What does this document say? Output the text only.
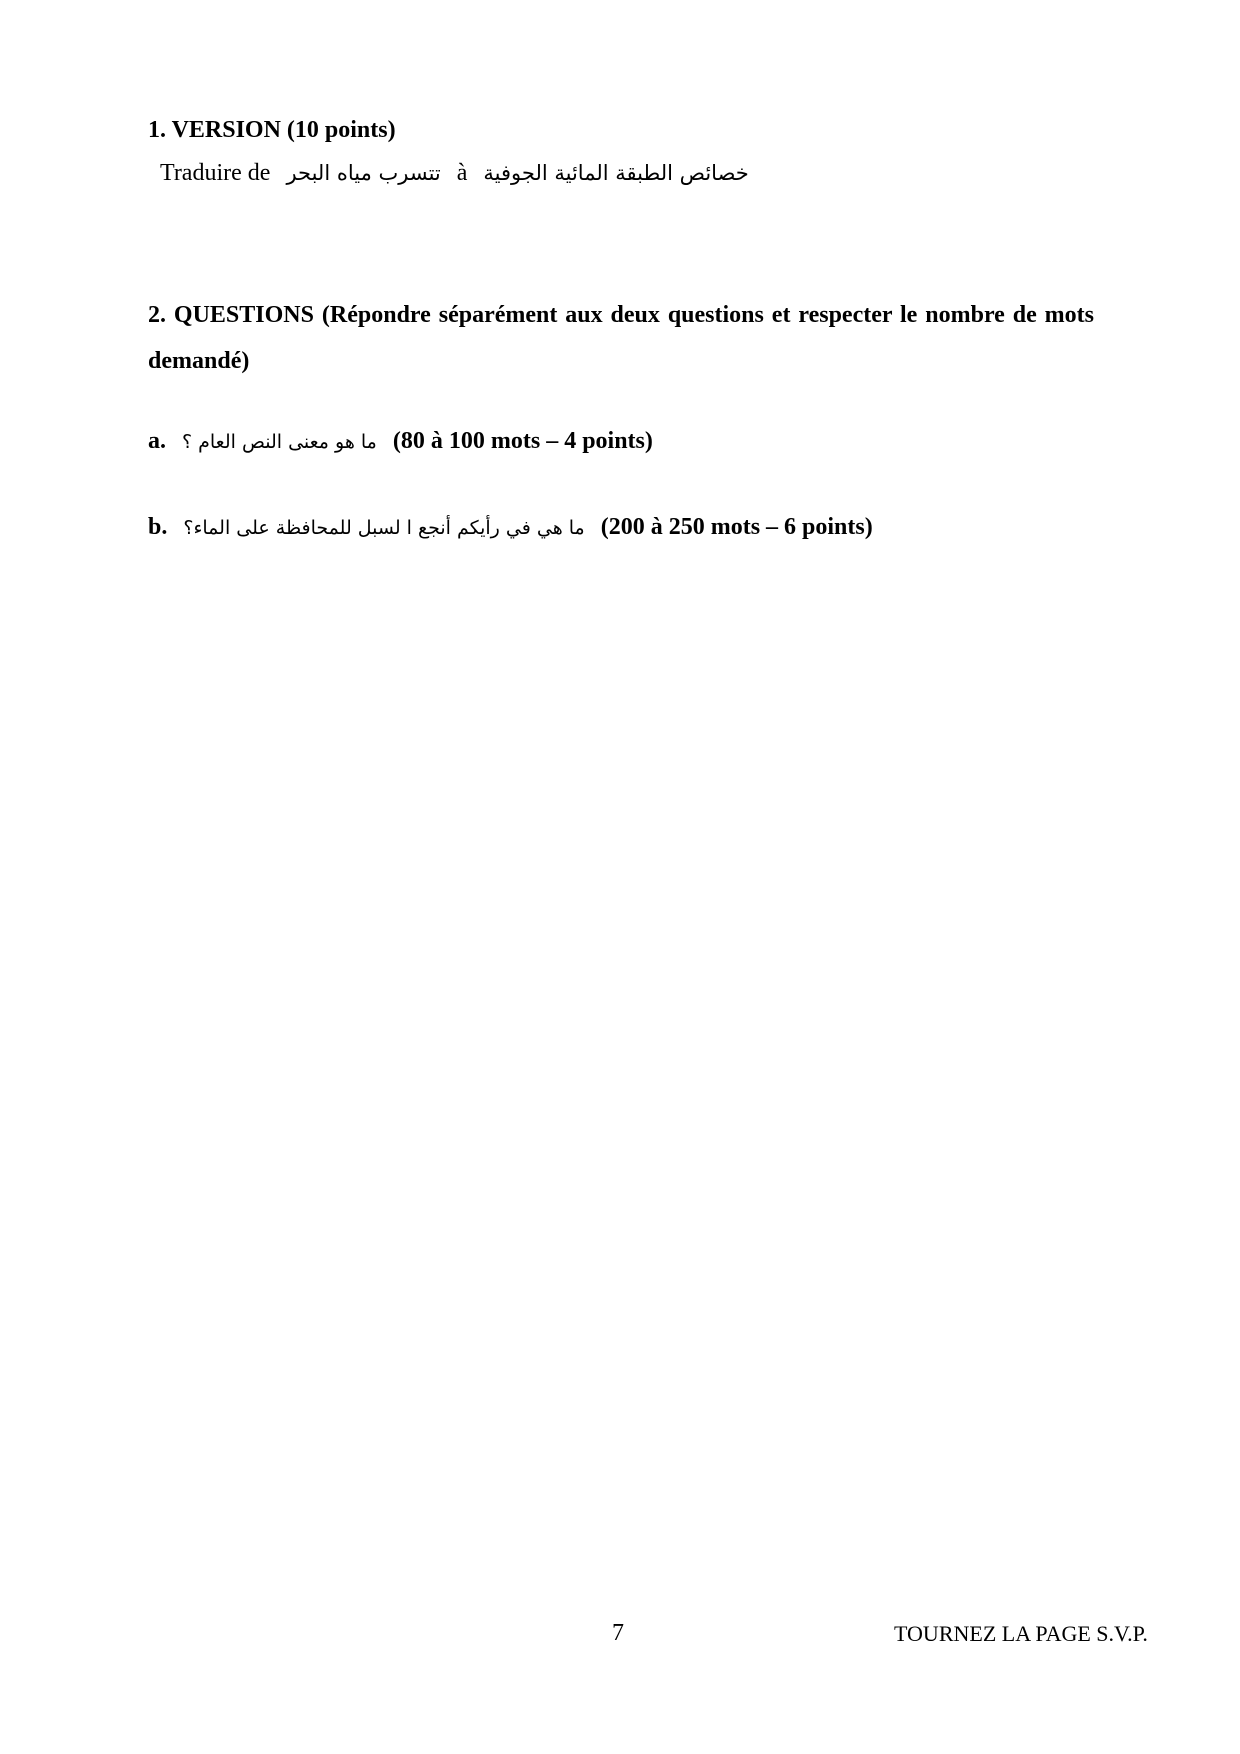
1. VERSION (10 points)
Traduire de تتسرب مياه البحر à خصائص الطبقة المائية الجوفية
2. QUESTIONS (Répondre séparément aux deux questions et respecter le nombre de mots demandé)
a. ما هو معنى النص العام ؟ (80 à 100 mots – 4 points)
b. ما هي في رأيكم أنجع ا لسبل للمحافظة على الماء؟ (200 à 250 mots – 6 points)
7	TOURNEZ LA PAGE S.V.P.
